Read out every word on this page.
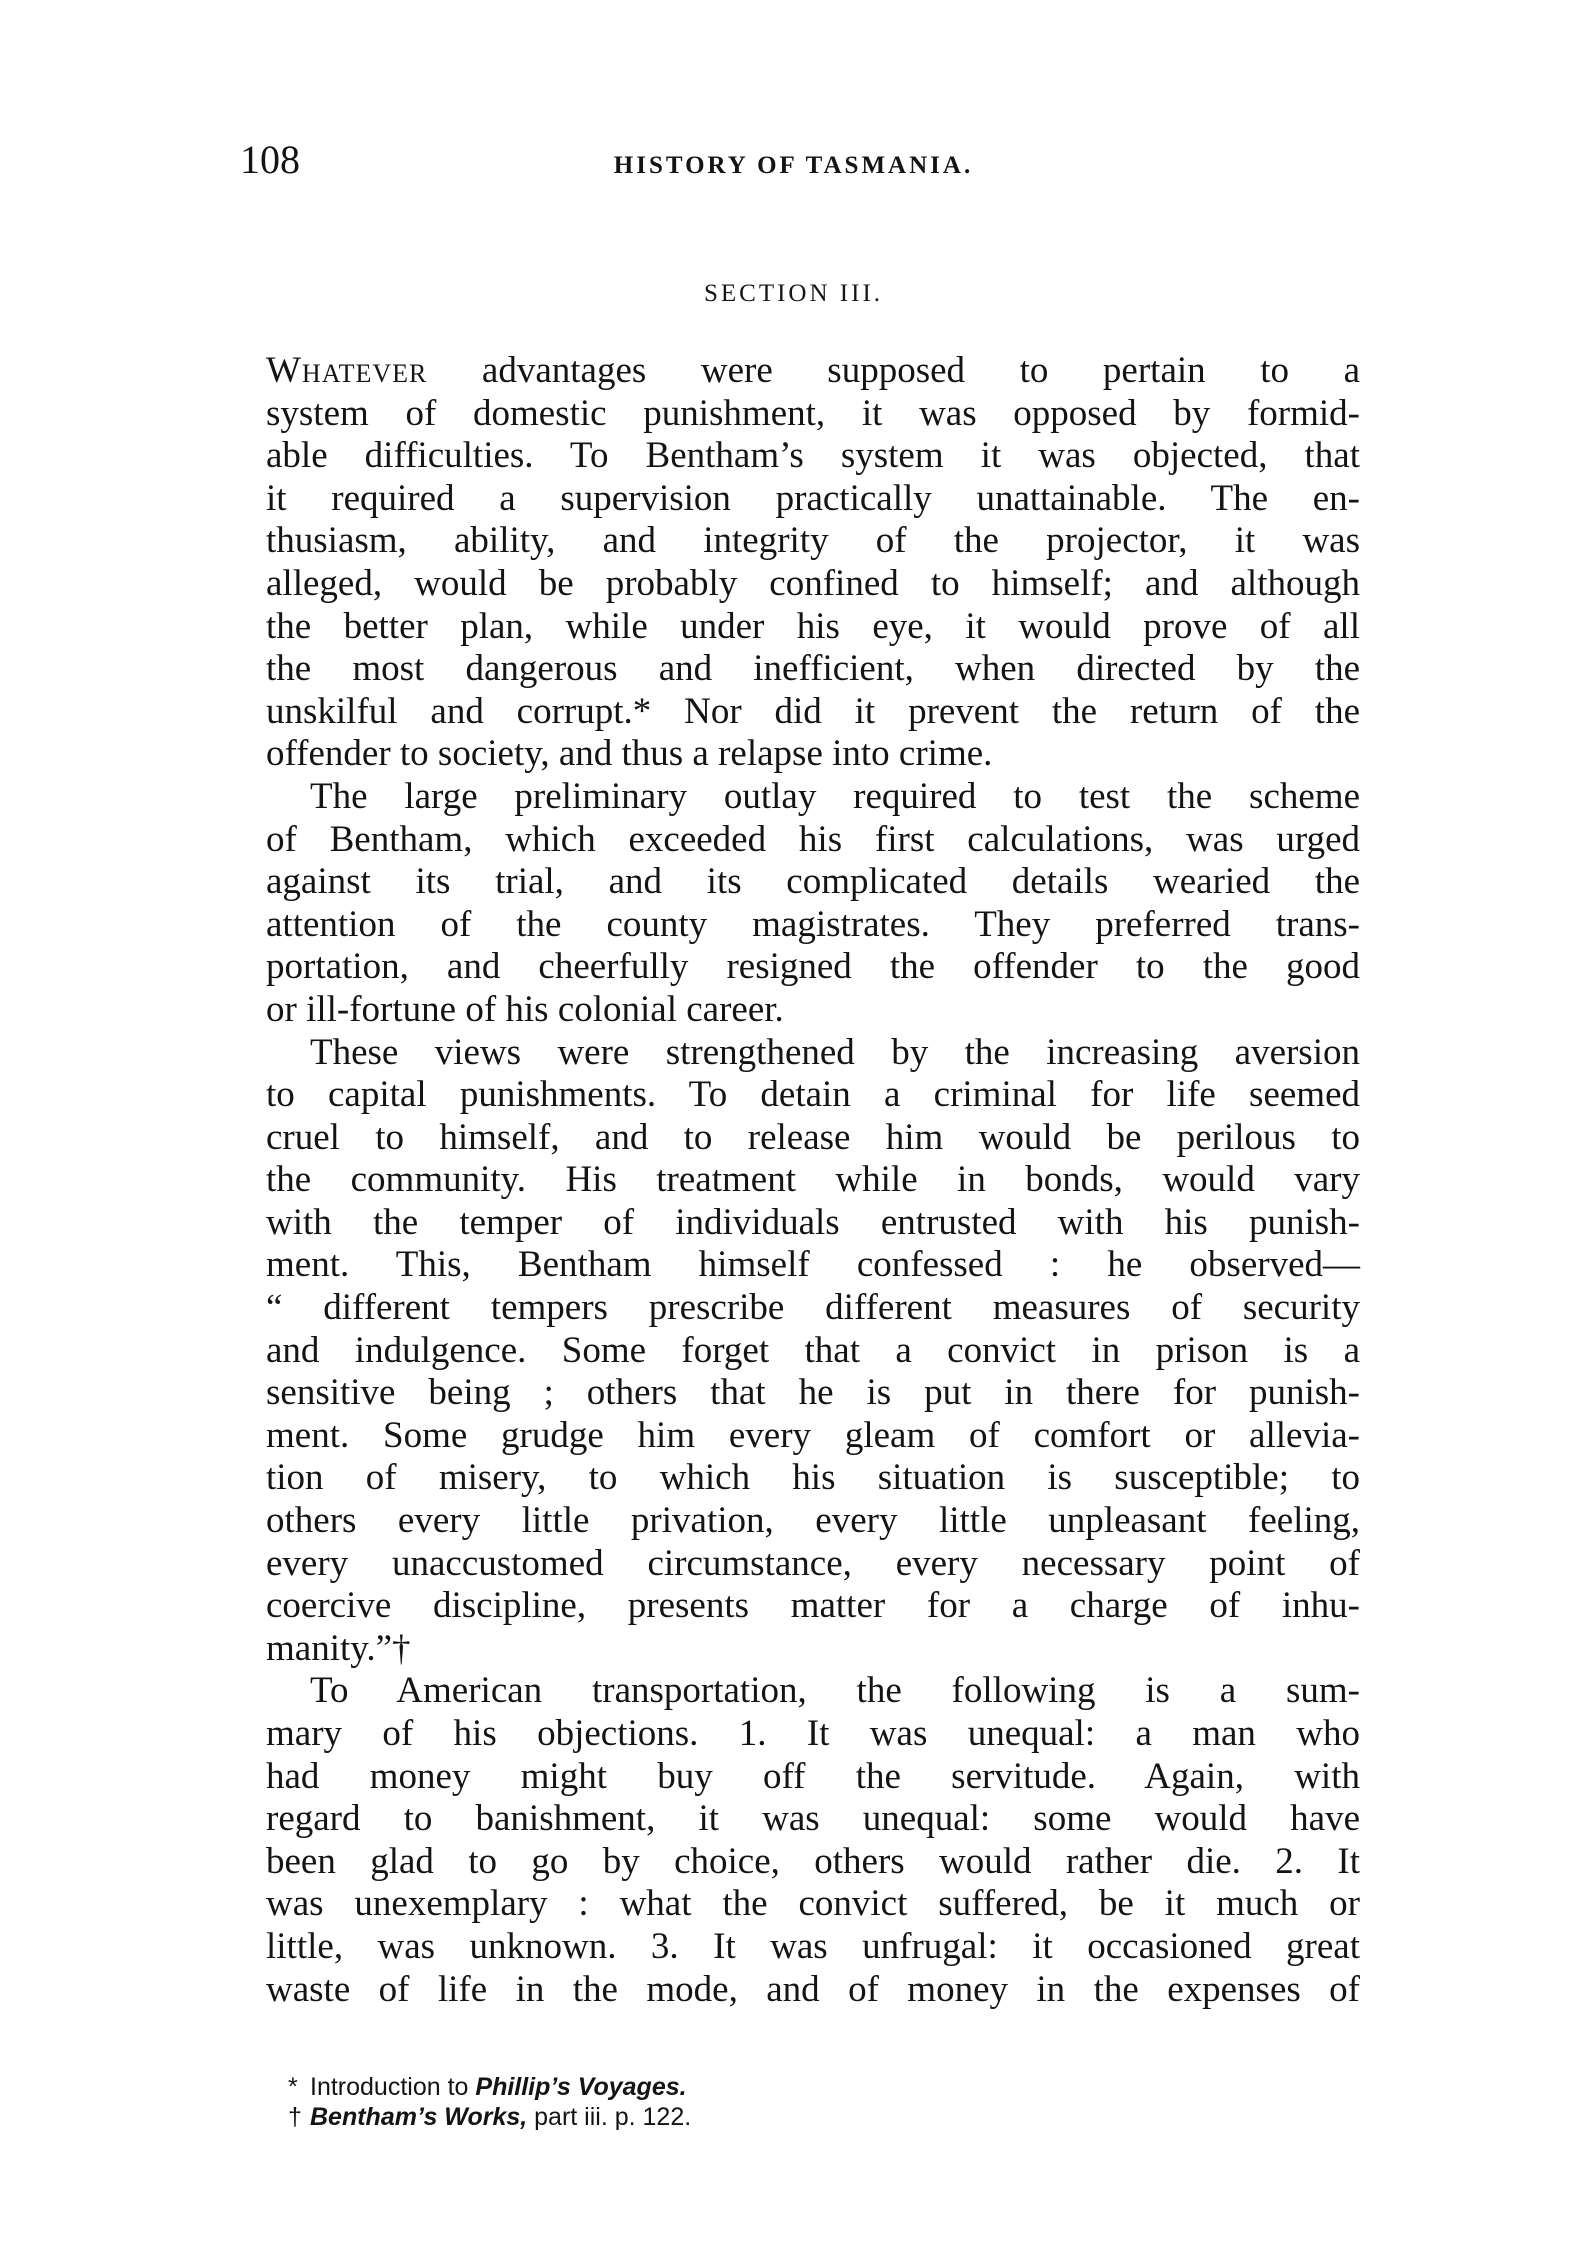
108	HISTORY OF TASMANIA.
SECTION III.
Whatever advantages were supposed to pertain to a
system of domestic punishment, it was opposed by formid-
able difficulties. To Bentham’s system it was objected, that
it required a supervision practically unattainable. The en-
thusiasm, ability, and integrity of the projector, it was
alleged, would be probably confined to himself; and although
the better plan, while under his eye, it would prove of all
the most dangerous and inefficient, when directed by the
unskilful and corrupt.* Nor did it prevent the return of the
offender to society, and thus a relapse into crime.
The large preliminary outlay required to test the scheme
of Bentham, which exceeded his first calculations, was urged
against its trial, and its complicated details wearied the
attention of the county magistrates. They preferred trans-
portation, and cheerfully resigned the offender to the good
or ill-fortune of his colonial career.
These views were strengthened by the increasing aversion
to capital punishments. To detain a criminal for life seemed
cruel to himself, and to release him would be perilous to
the community. His treatment while in bonds, would vary
with the temper of individuals entrusted with his punish-
ment. This, Bentham himself confessed : he observed—
“ different tempers prescribe different measures of security
and indulgence. Some forget that a convict in prison is a
sensitive being ; others that he is put in there for punish-
ment. Some grudge him every gleam of comfort or allevia-
tion of misery, to which his situation is susceptible; to
others every little privation, every little unpleasant feeling,
every unaccustomed circumstance, every necessary point of
coercive discipline, presents matter for a charge of inhu-
manity.”†
To American transportation, the following is a sum-
mary of his objections. 1. It was unequal: a man who
had money might buy off the servitude. Again, with
regard to banishment, it was unequal: some would have
been glad to go by choice, others would rather die. 2. It
was unexemplary : what the convict suffered, be it much or
little, was unknown. 3. It was unfrugal: it occasioned great
waste of life in the mode, and of money in the expenses of
* Introduction to Phillip’s Voyages.
† Bentham’s Works, part iii. p. 122.
